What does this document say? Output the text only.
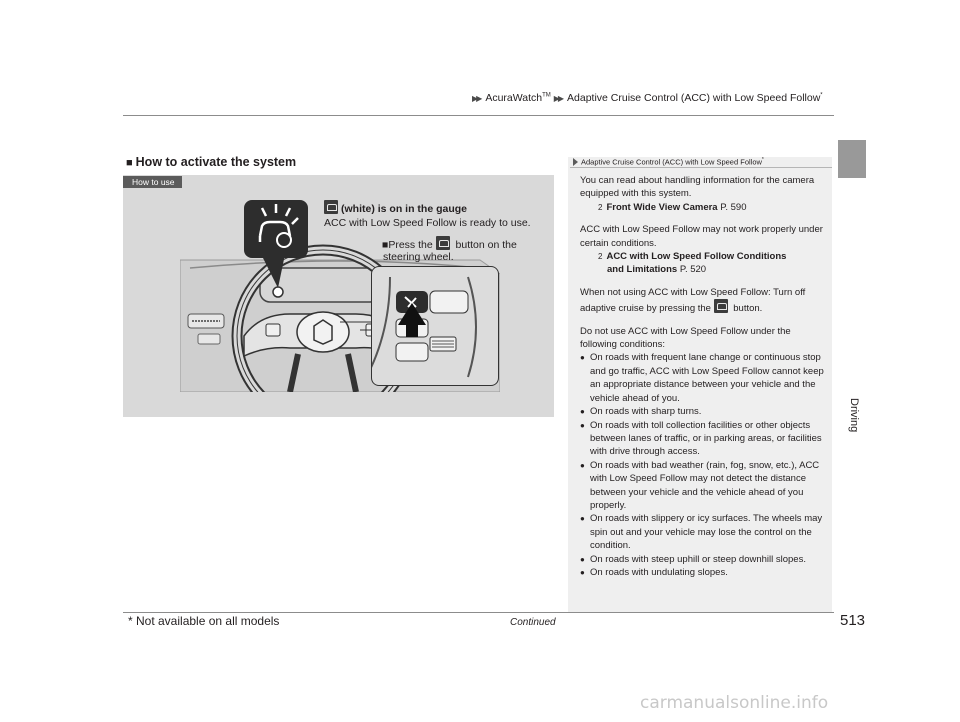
▶▶ AcuraWatch™ ▶▶ Adaptive Cruise Control (ACC) with Low Speed Follow*
Driving
■ How to activate the system
How to use
(white) is on in the gauge
ACC with Low Speed Follow is ready to use.
■Press the button on the
steering wheel.
Adaptive Cruise Control (ACC) with Low Speed Follow*

You can read about handling information for the camera equipped with this system.
2 Front Wide View Camera P. 590

ACC with Low Speed Follow may not work properly under certain conditions.
2 ACC with Low Speed Follow Conditions
and Limitations P. 520

When not using ACC with Low Speed Follow: Turn off adaptive cruise by pressing the button.

Do not use ACC with Low Speed Follow under the following conditions:

● On roads with frequent lane change or continuous stop and go traffic, ACC with Low Speed Follow cannot keep an appropriate distance between your vehicle and the vehicle ahead of you.
● On roads with sharp turns.
● On roads with toll collection facilities or other objects between lanes of traffic, or in parking areas, or facilities with drive through access.
● On roads with bad weather (rain, fog, snow, etc.), ACC with Low Speed Follow may not detect the distance between your vehicle and the vehicle ahead of you properly.
● On roads with slippery or icy surfaces. The wheels may spin out and your vehicle may lose the control on the condition.
● On roads with steep uphill or steep downhill slopes.
● On roads with undulating slopes.
* Not available on all models	Continued	513
carmanualsonline.info
